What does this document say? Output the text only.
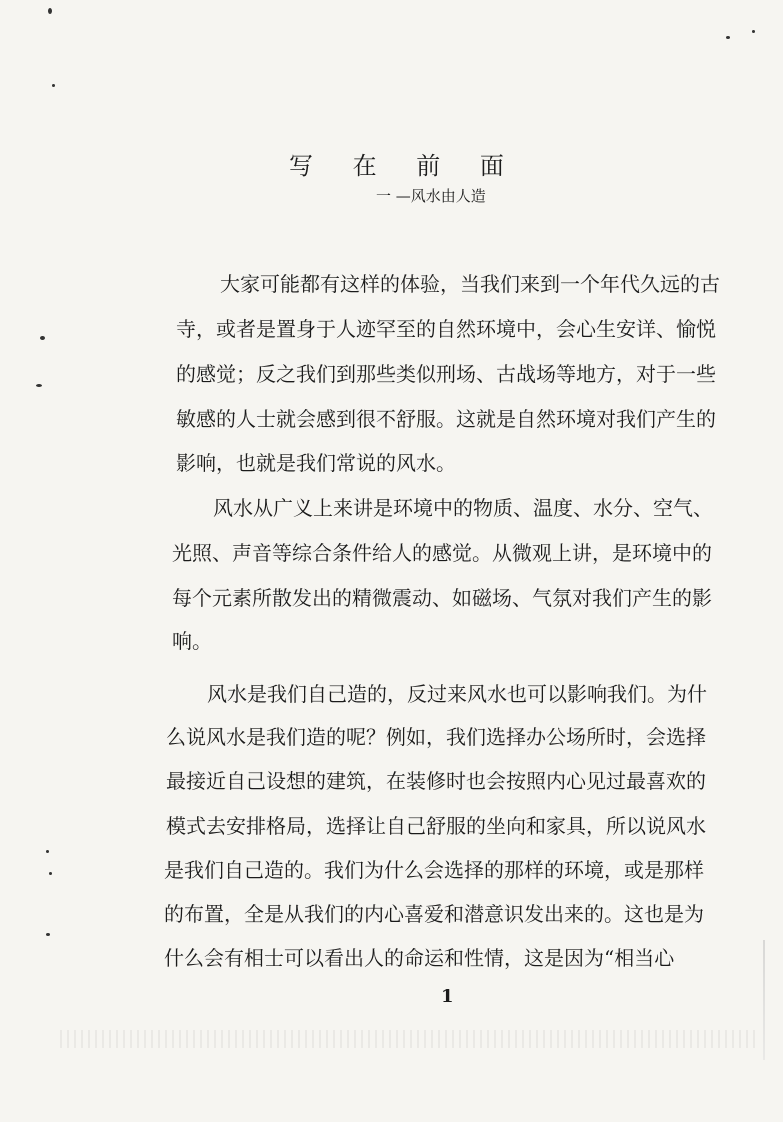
写 在 前 面
一 —风水由人造
大家可能都有这样的体验，当我们来到一个年代久远的古
寺，或者是置身于人迹罕至的自然环境中，会心生安详、愉悦
的感觉；反之我们到那些类似刑场、古战场等地方，对于一些
敏感的人士就会感到很不舒服。这就是自然环境对我们产生的
影响，也就是我们常说的风水。
风水从广义上来讲是环境中的物质、温度、水分、空气、
光照、声音等综合条件给人的感觉。从微观上讲，是环境中的
每个元素所散发出的精微震动、如磁场、气氛对我们产生的影
响。
风水是我们自己造的，反过来风水也可以影响我们。为什
么说风水是我们造的呢？例如，我们选择办公场所时，会选择
最接近自己设想的建筑，在装修时也会按照内心见过最喜欢的
模式去安排格局，选择让自己舒服的坐向和家具，所以说风水
是我们自己造的。我们为什么会选择的那样的环境，或是那样
的布置，全是从我们的内心喜爱和潜意识发出来的。这也是为
什么会有相士可以看出人的命运和性情，这是因为“相当心
1
